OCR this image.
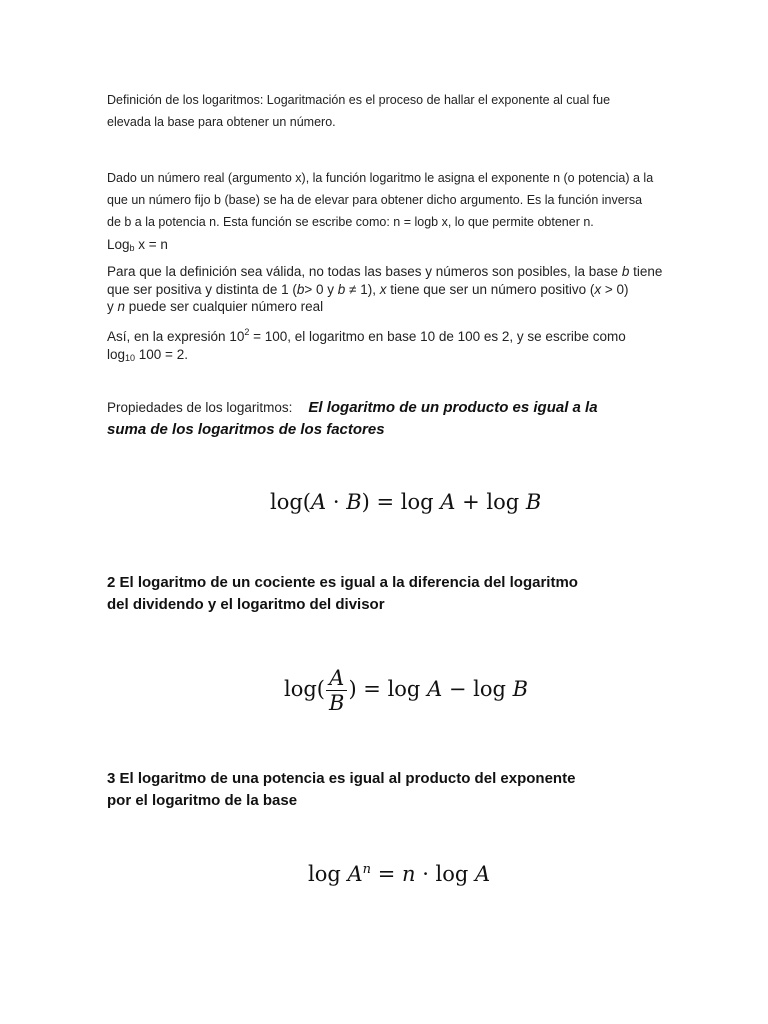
Definición de los logaritmos: Logaritmación es el proceso de hallar el exponente al cual fue
elevada la base para obtener un número.
Dado un número real (argumento x), la función logaritmo le asigna el exponente n (o potencia) a la
que un número fijo b (base) se ha de elevar para obtener dicho argumento. Es la función inversa
de b a la potencia n. Esta función se escribe como: n = logb x, lo que permite obtener n.
Log$_b$ x = n
Para que la definición sea válida, no todas las bases y números son posibles, la base b tiene
que ser positiva y distinta de 1 (b> 0 y b ≠ 1), x tiene que ser un número positivo (x > 0)
y n puede ser cualquier número real
Así, en la expresión $10^2 = 100$, el logaritmo en base 10 de 100 es 2, y se escribe como
$\log_{10} 100 = 2$.
Propiedades de los logaritmos: El logaritmo de un producto es igual a la
suma de los logaritmos de los factores
log(A · B) = log A + log B
2 El logaritmo de un cociente es igual a la diferencia del logaritmo
del dividendo y el logaritmo del divisor
$\log( \frac{A}{B}$ ) = log A − log B
3 El logaritmo de una potencia es igual al producto del exponente
por el logaritmo de la base
$\log A^n = n \cdot \log A$
